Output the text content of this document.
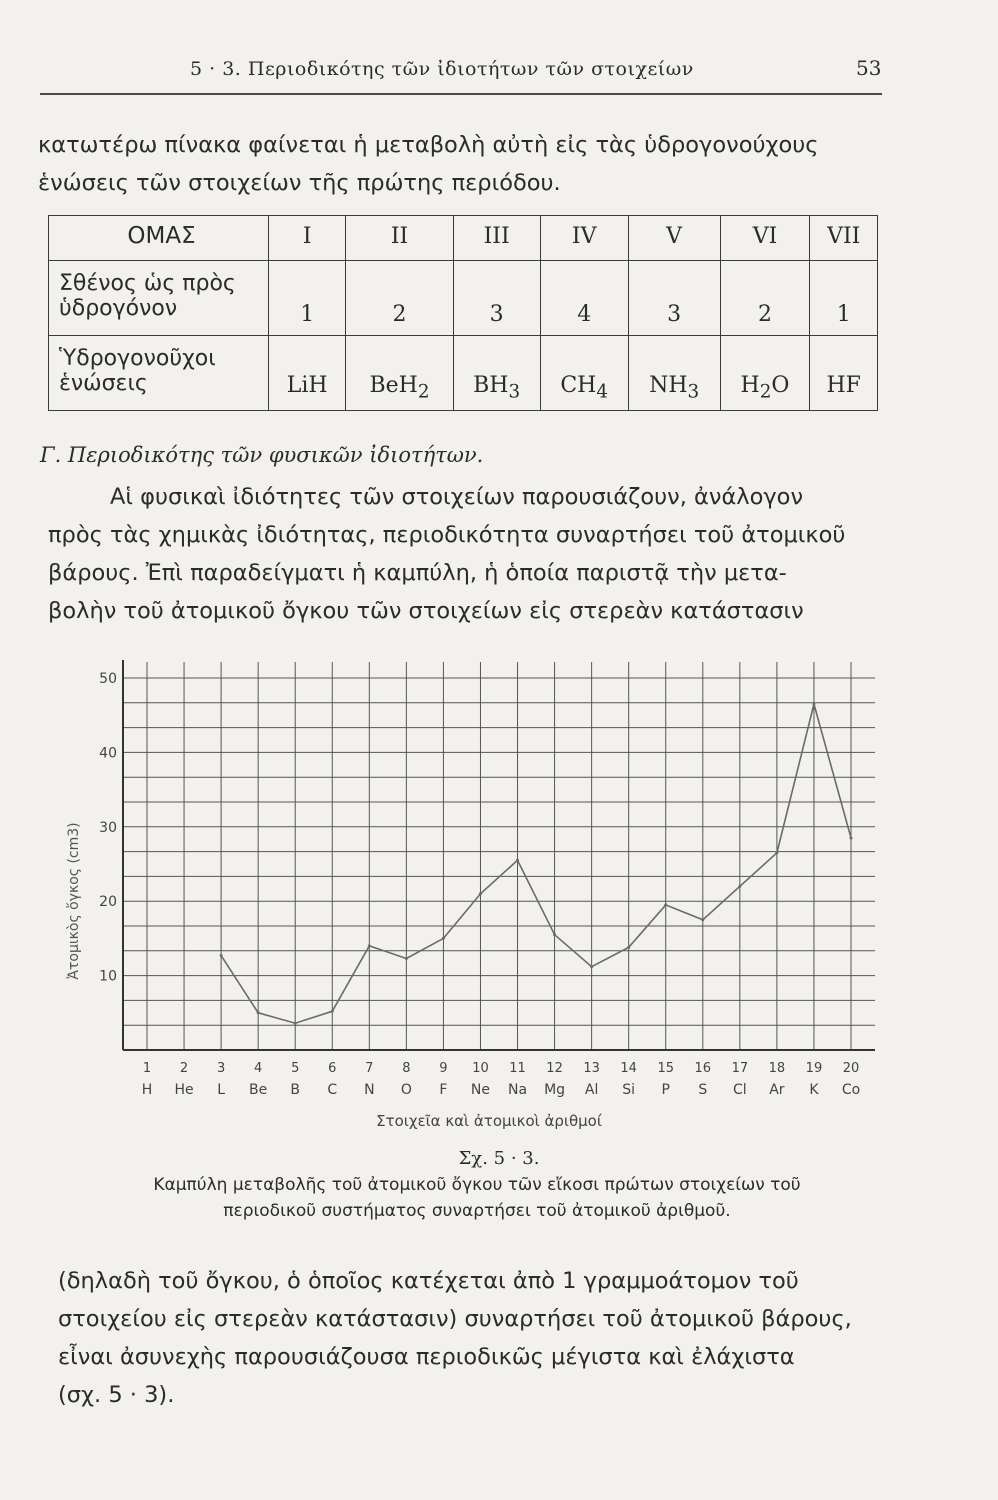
5 · 3. Περιοδικότης τῶν ἰδιοτήτων τῶν στοιχείων	53
κατωτέρω πίνακα φαίνεται ἡ μεταβολὴ αὐτὴ εἰς τὰς ὑδρογονούχους
ἑνώσεις τῶν στοιχείων τῆς πρώτης περιόδου.
ΟΜΑΣ	I	II	III	IV	V	VI	VII

Σθένος ὡς πρὸς
ὑδρογόνον	1	2	3	4	3	2	1

Ὑδρογονοῦχοι
ἑνώσεις	LiH	BeH$_2$	$BH_3$	$CH_4$	$NH_3$	$H_2O$	HF
Γ. Περιοδικότης τῶν φυσικῶν ἰδιοτήτων.
Αἱ φυσικαὶ ἰδιότητες τῶν στοιχείων παρουσιάζουν, ἀνάλογον
πρὸς τὰς χημικὰς ἰδιότητας, περιοδικότητα συναρτήσει τοῦ ἀτομικοῦ
βάρους. Ἐπὶ παραδείγματι ἡ καμπύλη, ἡ ὁποία παριστᾷ τὴν μετα-
βολὴν τοῦ ἀτομικοῦ ὄγκου τῶν στοιχείων εἰς στερεὰν κατάστασιν
10
20
30
40
50
Ἀτομικὸς ὄγκος (cm3)
1
H
2
He
3
L
4
Be
5
B
6
C
7
N
8
O
9
F
10
Ne
11
Na
12
Mg
13
Al
14
Si
15
P
16
S
17
Cl
18
Ar
19
K
20
Co
Στοιχεῖα καὶ ἀτομικοὶ ἀριθμοί
Σχ. 5 · 3.
Καμπύλη μεταβολῆς τοῦ ἀτομικοῦ ὄγκου τῶν εἴκοσι πρώτων στοιχείων τοῦ
περιοδικοῦ συστήματος συναρτήσει τοῦ ἀτομικοῦ ἀριθμοῦ.
(δηλαδὴ τοῦ ὄγκου, ὁ ὁποῖος κατέχεται ἀπὸ 1 γραμμοάτομον τοῦ
στοιχείου εἰς στερεὰν κατάστασιν) συναρτήσει τοῦ ἀτομικοῦ βάρους,
εἶναι ἀσυνεχὴς παρουσιάζουσα περιοδικῶς μέγιστα καὶ ἐλάχιστα
(σχ. 5 · 3).
